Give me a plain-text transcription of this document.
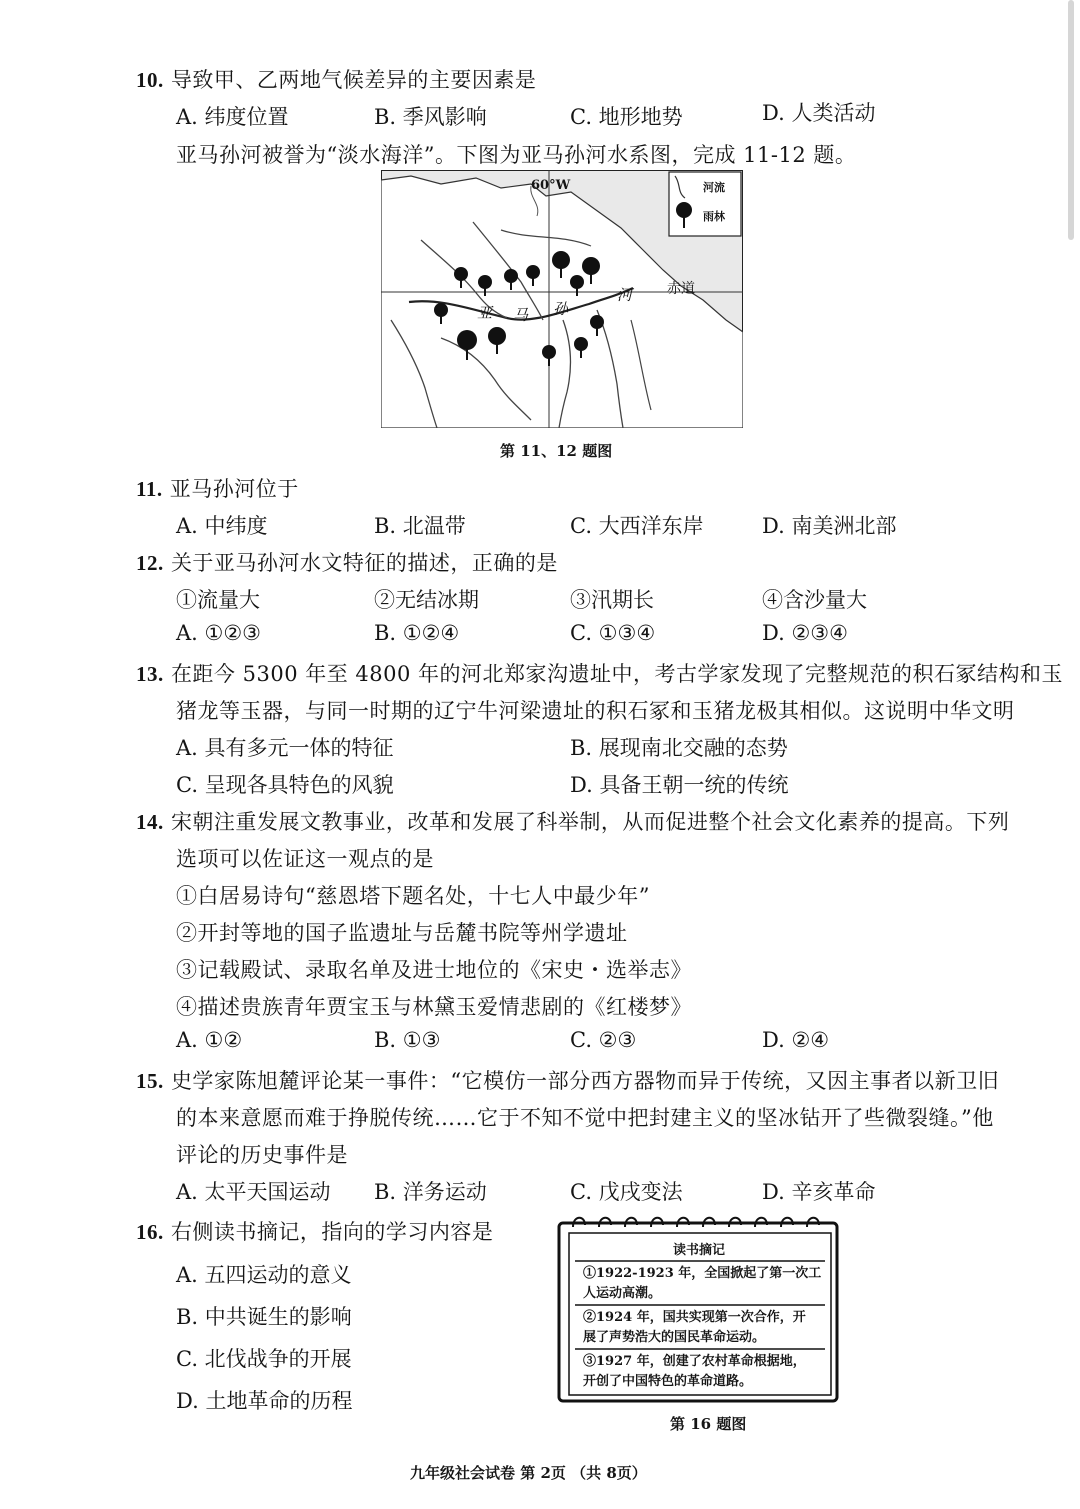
10. 导致甲、乙两地气候差异的主要因素是
A. 纬度位置	B. 季风影响	C. 地形地势	D. 人类活动
亚马孙河被誉为“淡水海洋”。下图为亚马孙河水系图，完成 11-12 题。
60°W
赤道
亚 马 孙
河
河流
雨林
第 11、12 题图
11. 亚马孙河位于
A. 中纬度	B. 北温带	C. 大西洋东岸	D. 南美洲北部
12. 关于亚马孙河水文特征的描述，正确的是
①流量大	②无结冰期	③汛期长	④含沙量大
A. ①②③	B. ①②④	C. ①③④	D. ②③④
13. 在距今 5300 年至 4800 年的河北郑家沟遗址中，考古学家发现了完整规范的积石冢结构和玉
猪龙等玉器，与同一时期的辽宁牛河梁遗址的积石冢和玉猪龙极其相似。这说明中华文明
A. 具有多元一体的特征	B. 展现南北交融的态势
C. 呈现各具特色的风貌	D. 具备王朝一统的传统
14. 宋朝注重发展文教事业，改革和发展了科举制，从而促进整个社会文化素养的提高。下列
选项可以佐证这一观点的是
①白居易诗句“慈恩塔下题名处，十七人中最少年”
②开封等地的国子监遗址与岳麓书院等州学遗址
③记载殿试、录取名单及进士地位的《宋史・选举志》
④描述贵族青年贾宝玉与林黛玉爱情悲剧的《红楼梦》
A. ①②	B. ①③	C. ②③	D. ②④
15. 史学家陈旭麓评论某一事件：“它模仿一部分西方器物而异于传统，又因主事者以新卫旧
的本来意愿而难于挣脱传统……它于不知不觉中把封建主义的坚冰钻开了些微裂缝。”他
评论的历史事件是
A. 太平天国运动 B. 洋务运动	C. 戊戌变法	D. 辛亥革命
16. 右侧读书摘记，指向的学习内容是
A. 五四运动的意义
B. 中共诞生的影响
C. 北伐战争的开展
D. 土地革命的历程
读书摘记
①1922-1923 年，全国掀起了第一次工
人运动高潮。
②1924 年，国共实现第一次合作，开
展了声势浩大的国民革命运动。
③1927 年，创建了农村革命根据地，
开创了中国特色的革命道路。
第 16 题图
九年级社会试卷 第 2页 （共 8页）
